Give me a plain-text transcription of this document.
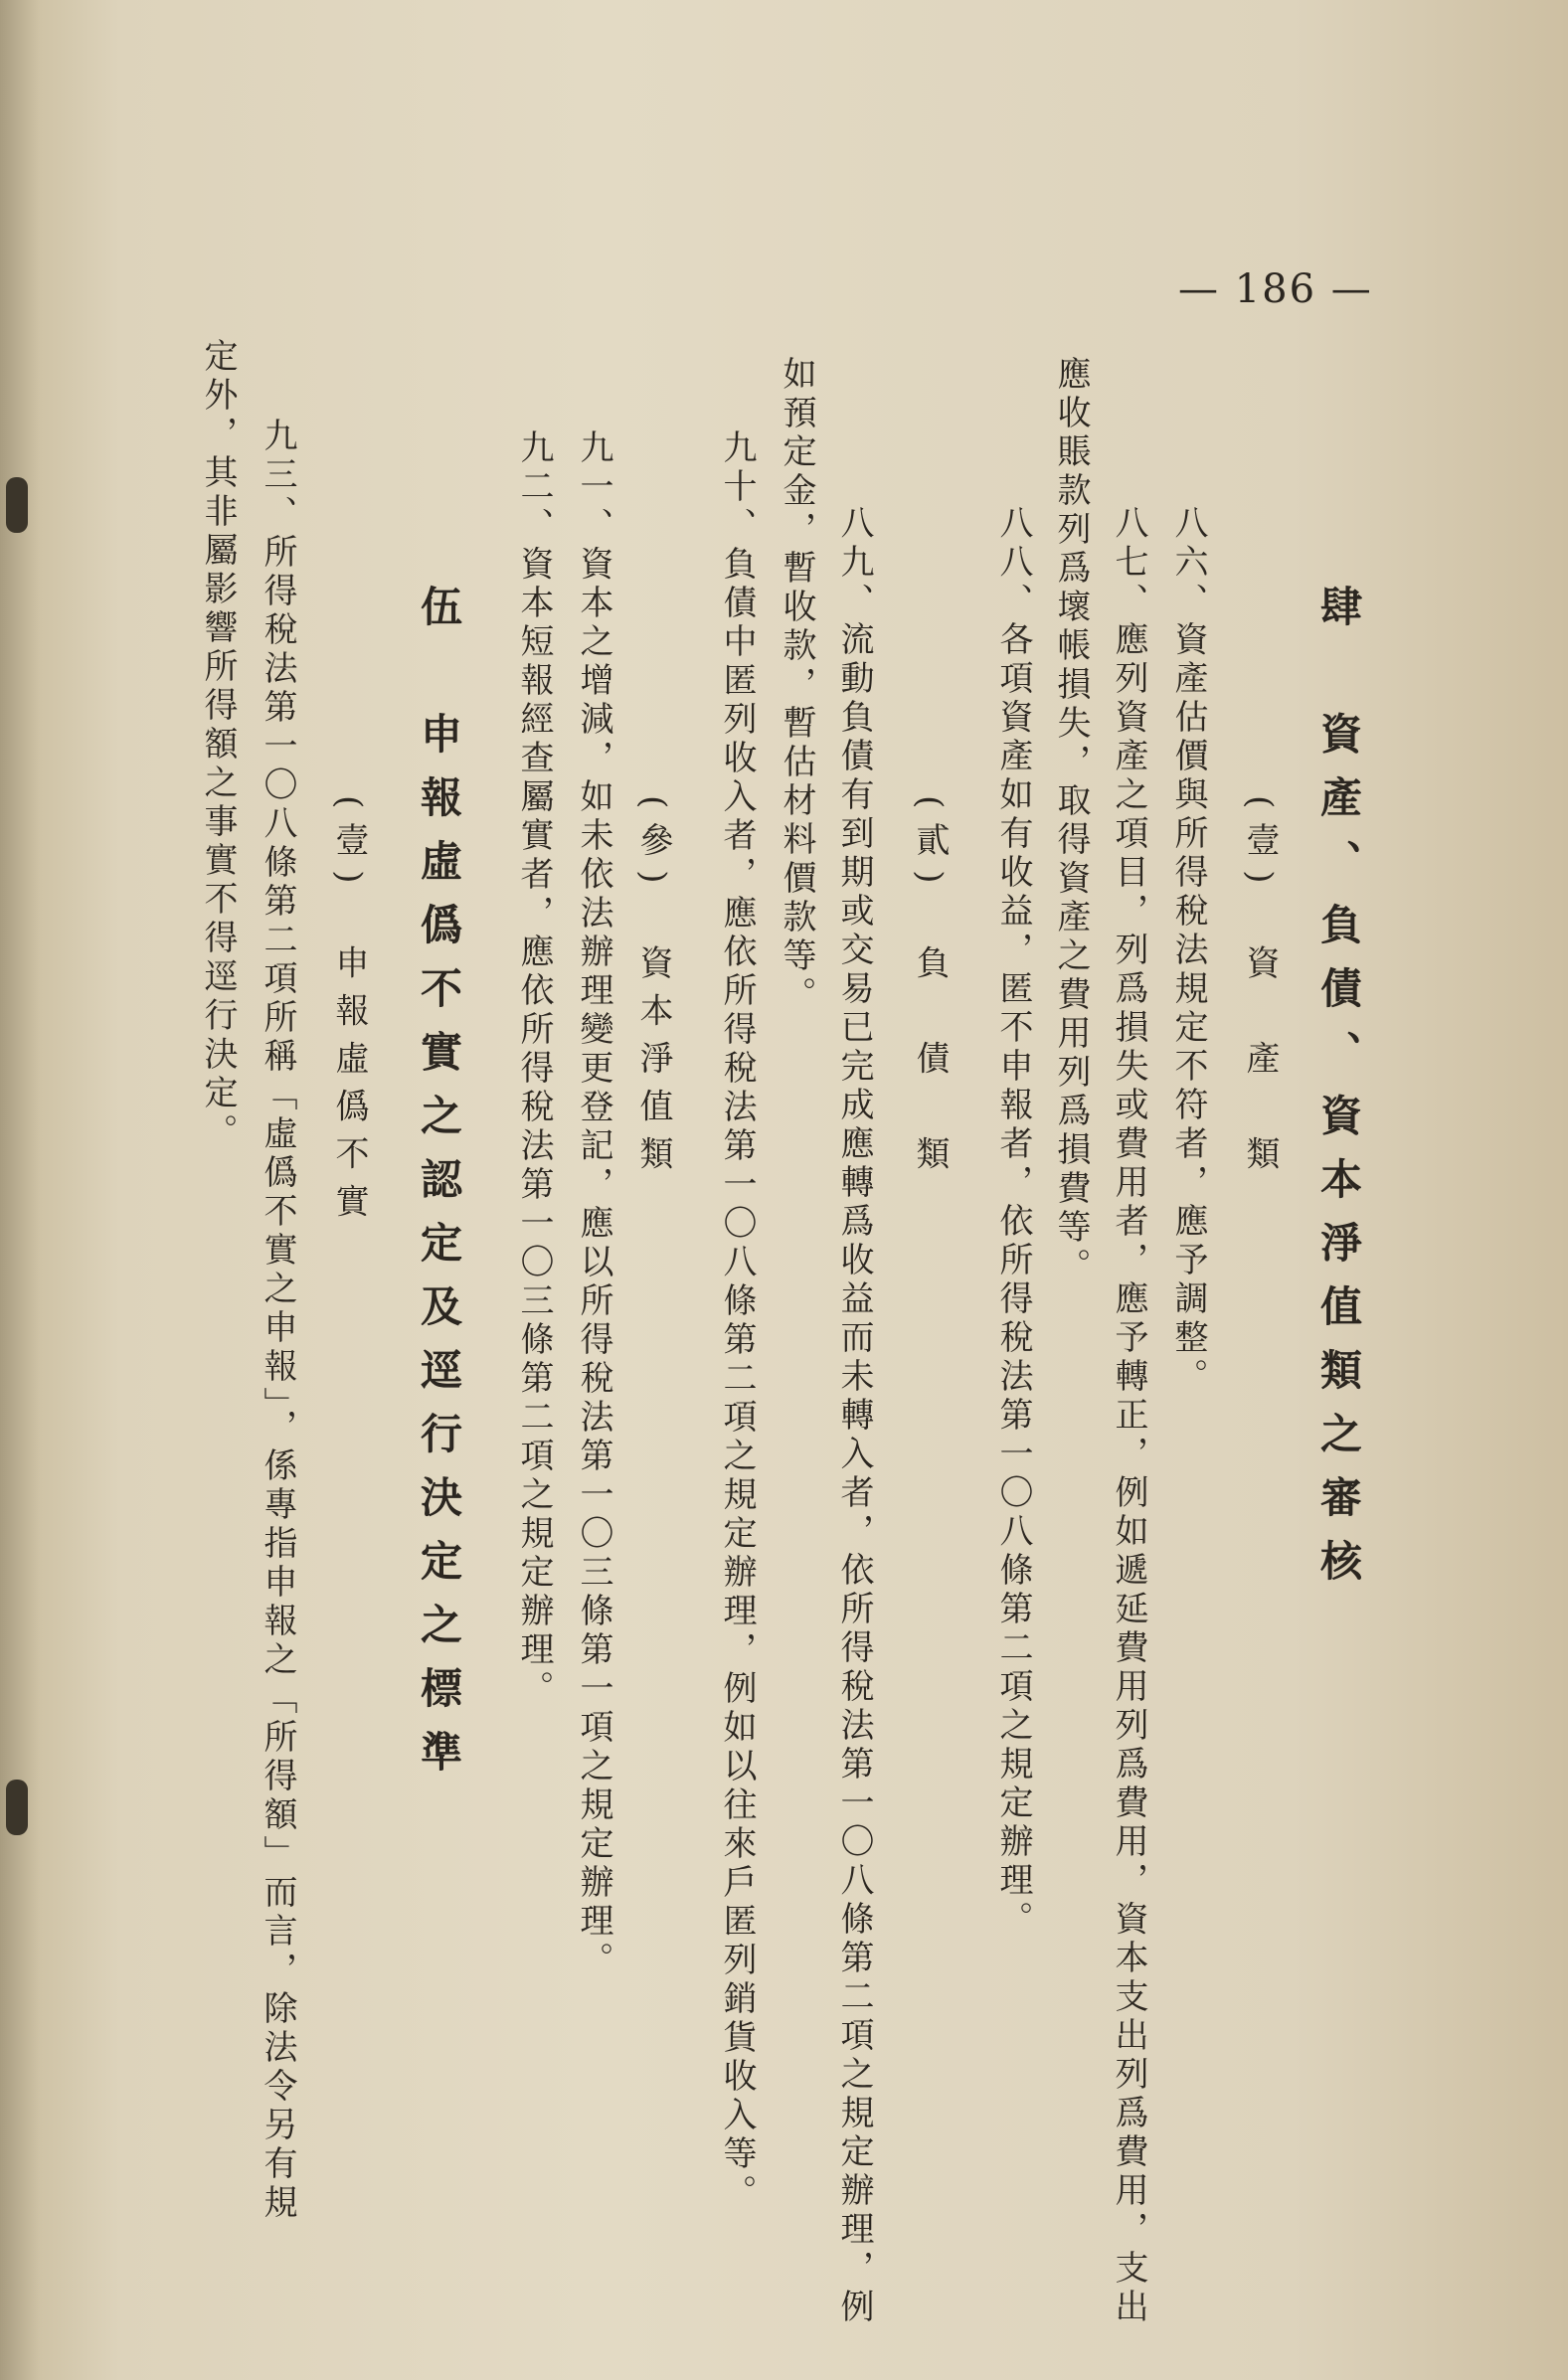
— 186 —
肆　資產、負債、資本淨值類之審核
(壹)　資　產　類
八六、資產估價與所得稅法規定不符者，應予調整。
八七、應列資產之項目，列爲損失或費用者，應予轉正，例如遞延費用列爲費用，資本支出列爲費用，支出
應收賬款列爲壞帳損失，取得資產之費用列爲損費等。
八八、各項資產如有收益，匿不申報者，依所得稅法第一〇八條第二項之規定辦理。
(貳)　負　債　類
八九、流動負債有到期或交易已完成應轉爲收益而未轉入者，依所得稅法第一〇八條第二項之規定辦理，例
如預定金，暫收款，暫估材料價款等。
九十、負債中匿列收入者，應依所得稅法第一〇八條第二項之規定辦理，例如以往來戶匿列銷貨收入等。
(參)　資本淨值類
九一、資本之增減，如未依法辦理變更登記，應以所得稅法第一〇三條第一項之規定辦理。
九二、資本短報經查屬實者，應依所得稅法第一〇三條第二項之規定辦理。
伍　申報虛僞不實之認定及逕行決定之標準
(壹)　申報虛僞不實
九三、所得稅法第一〇八條第二項所稱「虛僞不實之申報」，係專指申報之「所得額」而言，除法令另有規
定外，其非屬影響所得額之事實不得逕行決定。
